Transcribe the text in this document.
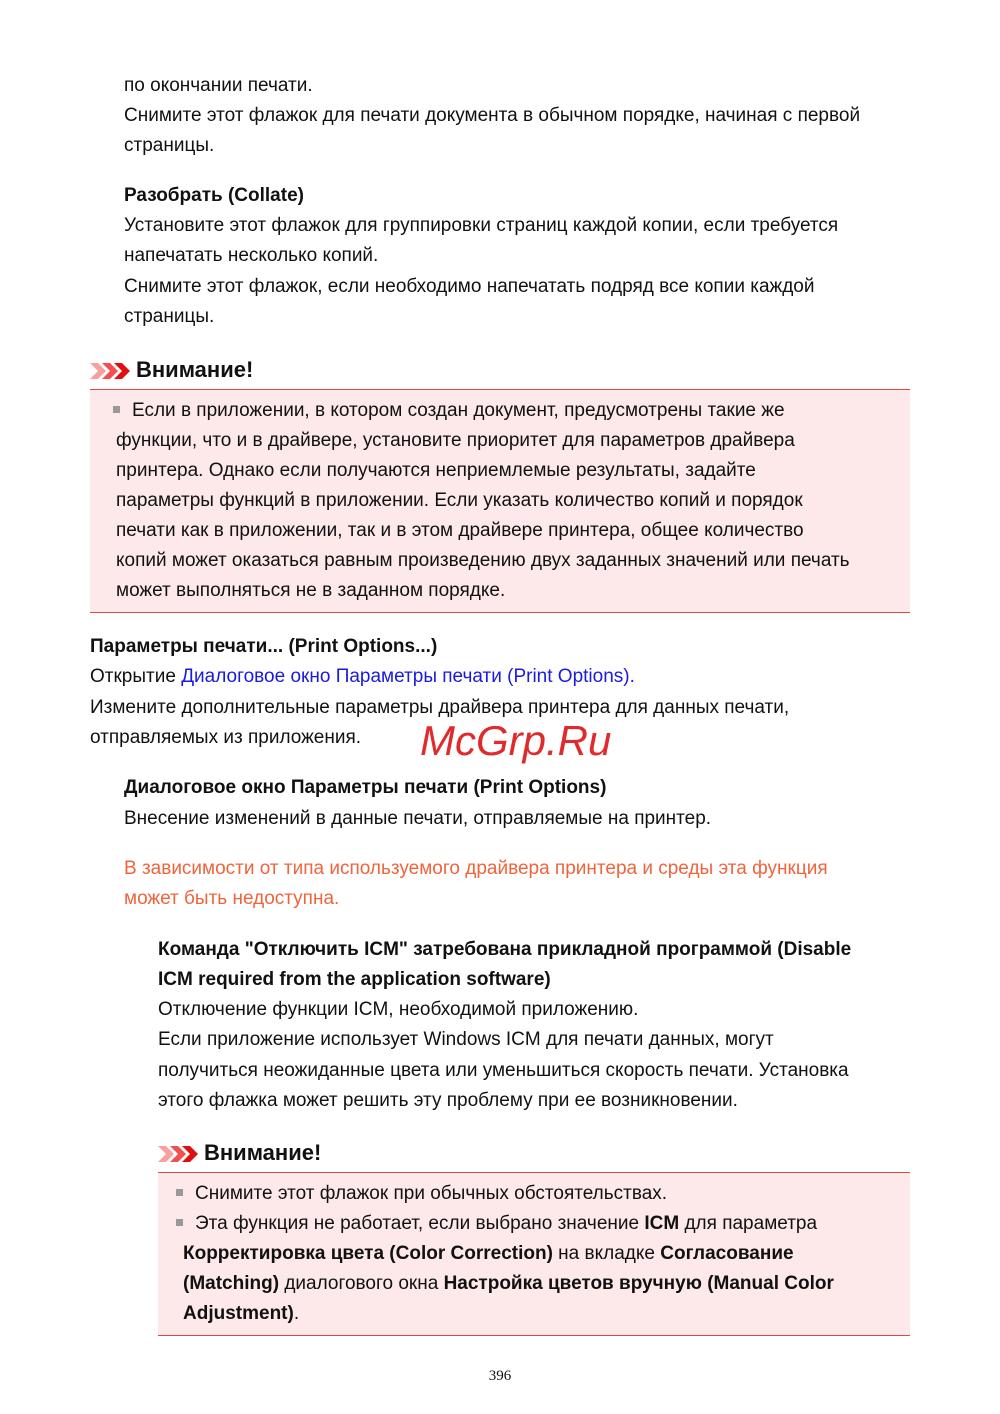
по окончании печати.
Снимите этот флажок для печати документа в обычном порядке, начиная с первой
страницы.
Разобрать (Collate)
Установите этот флажок для группировки страниц каждой копии, если требуется
напечатать несколько копий.
Снимите этот флажок, если необходимо напечатать подряд все копии каждой
страницы.
Внимание!
Если в приложении, в котором создан документ, предусмотрены такие же
функции, что и в драйвере, установите приоритет для параметров драйвера
принтера. Однако если получаются неприемлемые результаты, задайте
параметры функций в приложении. Если указать количество копий и порядок
печати как в приложении, так и в этом драйвере принтера, общее количество
копий может оказаться равным произведению двух заданных значений или печать
может выполняться не в заданном порядке.
Параметры печати... (Print Options...)
Открытие Диалоговое окно Параметры печати (Print Options).
Измените дополнительные параметры драйвера принтера для данных печати,
отправляемых из приложения.
Диалоговое окно Параметры печати (Print Options)
Внесение изменений в данные печати, отправляемые на принтер.
В зависимости от типа используемого драйвера принтера и среды эта функция
может быть недоступна.
Команда "Отключить ICM" затребована прикладной программой (Disable
ICM required from the application software)
Отключение функции ICM, необходимой приложению.
Если приложение использует Windows ICM для печати данных, могут
получиться неожиданные цвета или уменьшиться скорость печати. Установка
этого флажка может решить эту проблему при ее возникновении.
Внимание!
Снимите этот флажок при обычных обстоятельствах.
Эта функция не работает, если выбрано значение ICM для параметра
Корректировка цвета (Color Correction) на вкладке Согласование
(Matching) диалогового окна Настройка цветов вручную (Manual Color
Adjustment).
McGrp.Ru
396
